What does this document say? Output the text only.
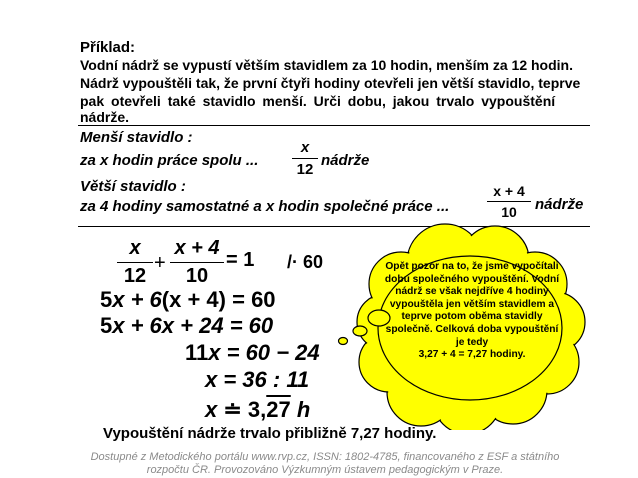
Příklad:
Vodní nádrž se vypustí větším stavidlem za 10 hodin, menším za 12 hodin.
Nádrž vypouštěli tak, že první čtyři hodiny otevřeli jen větší stavidlo, teprve
pak otevřeli také stavidlo menší. Urči dobu, jakou trvalo vypouštění
nádrže.
Menší stavidlo :
za x hodin práce spolu ...
x
12
nádrže
Větší stavidlo :
za 4 hodiny samostatné a x hodin společné práce ...
x + 4
10	nádrže
x
12
+
x + 4
10
= 1 /· 60
5x + 6(x + 4) = 60
5x + 6x + 24 = 60
11x = 60 − 24
x = 36 : 11
x ≐ 3,27 h
Opět pozor na to, že jsme vypočítali dobu společného vypouštění. Vodní nádrž se však nejdříve 4 hodiny vypouštěla jen větším stavidlem a teprve potom oběma stavidly společně. Celková doba vypouštění je tedy
3,27 + 4 = 7,27 hodiny.
Vypouštění nádrže trvalo přibližně 7,27 hodiny.
Dostupné z Metodického portálu www.rvp.cz, ISSN: 1802-4785, financovaného z ESF a státního
rozpočtu ČR. Provozováno Výzkumným ústavem pedagogickým v Praze.
